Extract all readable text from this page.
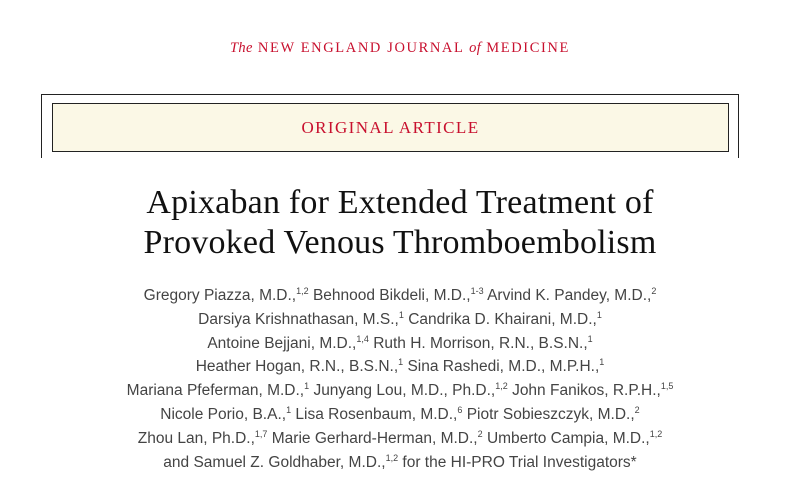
The NEW ENGLAND JOURNAL of MEDICINE
ORIGINAL ARTICLE
Apixaban for Extended Treatment of
Provoked Venous Thromboembolism
Gregory Piazza, M.D.,$^{1,2}$ Behnood Bikdeli, M.D.,$^{1-3}$ Arvind K. Pandey, M.D.,$^2$
Darsiya Krishnathasan, M.S.,$^1$ Candrika D. Khairani, M.D.,$^1$
Antoine Bejjani, M.D.,$^{1,4}$ Ruth H. Morrison, R.N., B.S.N.,$^1$
Heather Hogan, R.N., B.S.N.,$^1$ Sina Rashedi, M.D., M.P.H.,$^1$
Mariana Pfeferman, M.D.,$^1$ Junyang Lou, M.D., Ph.D.,$^{1,2}$ John Fanikos, R.P.H.,$^{1,5}$
Nicole Porio, B.A.,$^1$ Lisa Rosenbaum, M.D.,$^6$ Piotr Sobieszczyk, M.D.,$^2$
Zhou Lan, Ph.D.,$^{1,7}$ Marie Gerhard-Herman, M.D.,$^2$ Umberto Campia, M.D.,$^{1,2}$
and Samuel Z. Goldhaber, M.D.,$^{1,2}$ for the HI-PRO Trial Investigators*
